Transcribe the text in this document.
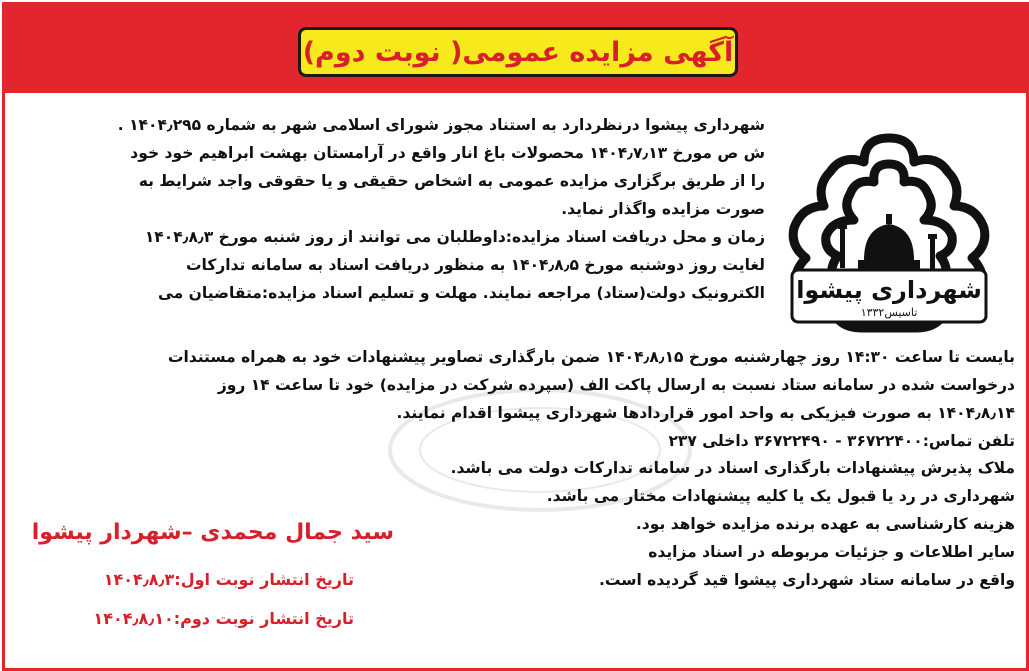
آگهی مزایده عمومی( نوبت دوم)
شهرداری پیشوا
تاسیس۱۳۳۲
شهرداری پیشوا درنظردارد به استناد مجوز شورای اسلامی شهر به شماره ۱۴۰۴٫۲۹۵ .
ش ص مورخ ۱۴۰۴٫۷٫۱۳ محصولات باغ انار واقع در آرامستان بهشت ابراهیم خود خود
را از طریق برگزاری مزایده عمومی به اشخاص حقیقی و یا حقوقی واجد شرایط به
صورت مزایده واگذار نماید.
زمان و محل دریافت اسناد مزایده:داوطلبان می توانند از روز شنبه مورخ ۱۴۰۴٫۸٫۳
لغایت روز دوشنبه مورخ ۱۴۰۴٫۸٫۵ به منظور دریافت اسناد به سامانه تدارکات
الکترونیک دولت(ستاد) مراجعه نمایند. مهلت و تسلیم اسناد مزایده:متقاضیان می
بایست تا ساعت ۱۴:۳۰ روز چهارشنبه مورخ ۱۴۰۴٫۸٫۱۵ ضمن بارگذاری تصاویر پیشنهادات خود به همراه مستندات
درخواست شده در سامانه ستاد نسبت به ارسال پاکت الف (سپرده شرکت در مزایده) خود تا ساعت ۱۴ روز
۱۴۰۴٫۸٫۱۴ به صورت فیزیکی به واحد امور قراردادها شهرداری پیشوا اقدام نمایند.
تلفن تماس:۳۶۷۲۲۴۰۰ - ۳۶۷۲۲۴۹۰ داخلی ۲۳۷
ملاک پذیرش پیشنهادات بارگذاری اسناد در سامانه تدارکات دولت می باشد.
شهرداری در رد یا قبول یک یا کلیه پیشنهادات مختار می باشد.
هزینه کارشناسی به عهده برنده مزایده خواهد بود.
سایر اطلاعات و جزئیات مربوطه در اسناد مزایده
واقع در سامانه ستاد شهرداری پیشوا قید گردیده است.
سید جمال محمدی –شهردار پیشوا
تاریخ انتشار نوبت اول:۱۴۰۴٫۸٫۳
تاریخ انتشار نوبت دوم:۱۴۰۴٫۸٫۱۰
